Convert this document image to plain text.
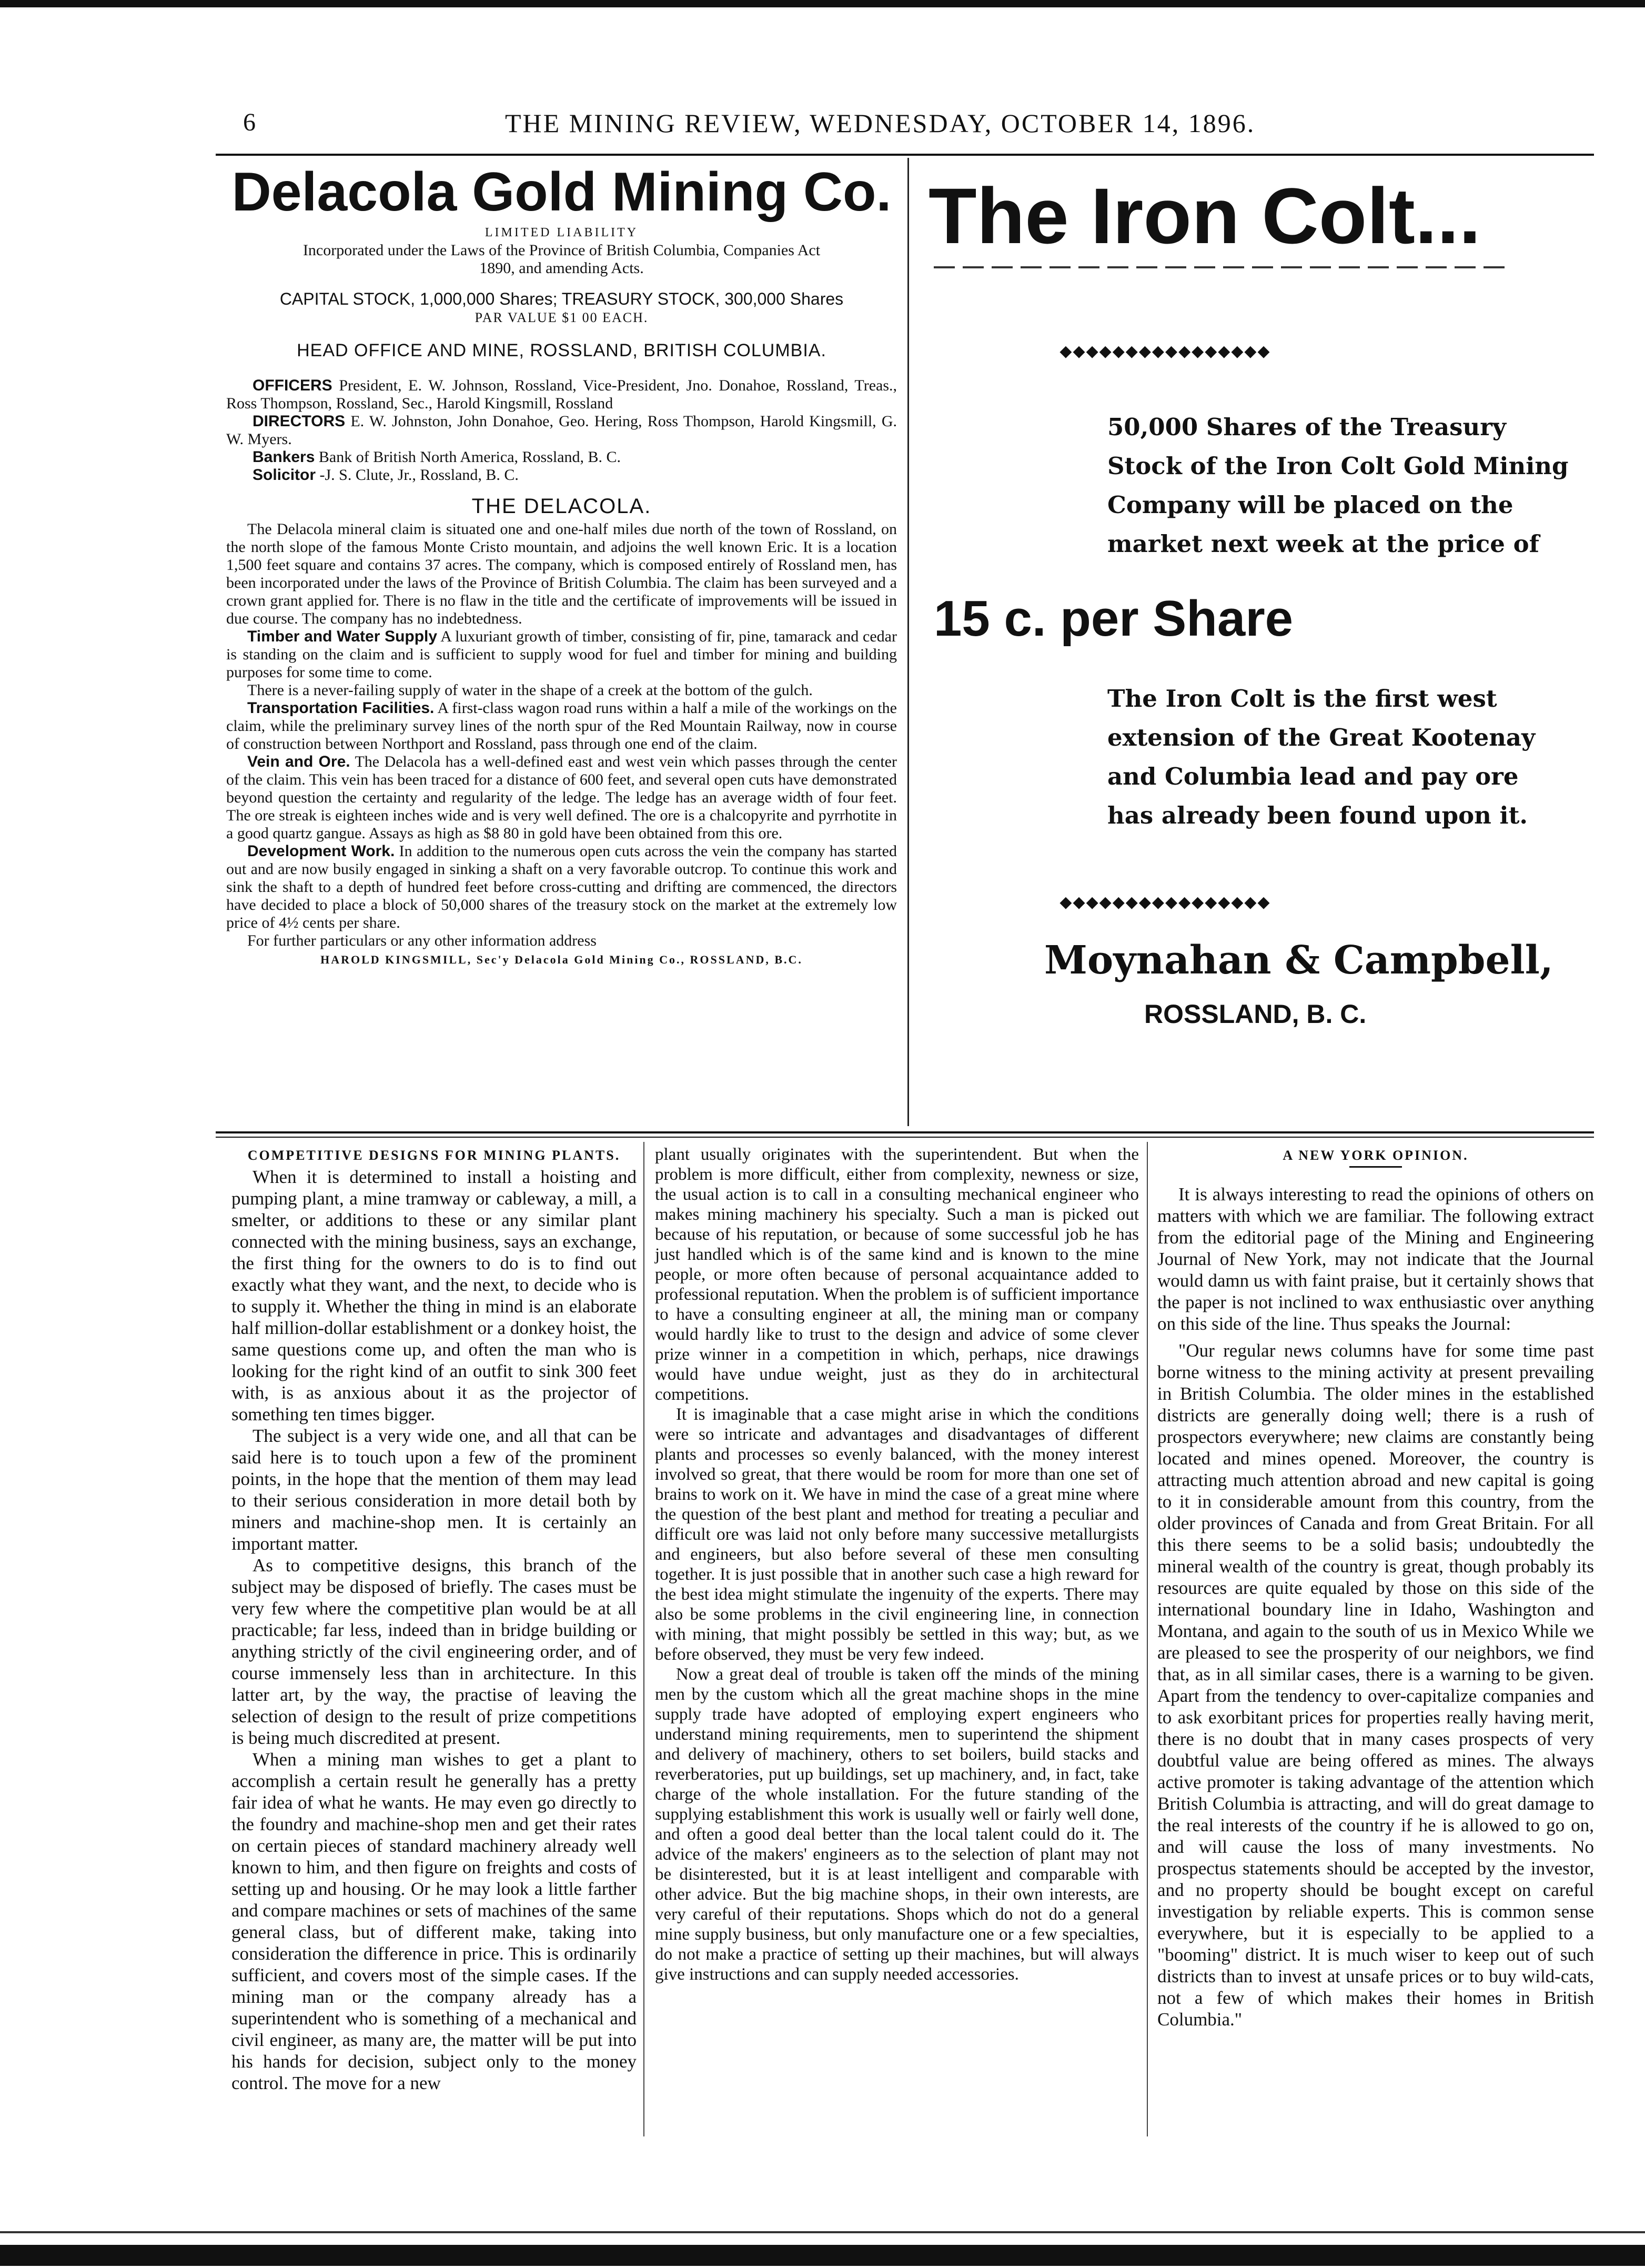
6	THE MINING REVIEW, WEDNESDAY, OCTOBER 14, 1896.
Delacola Gold Mining Co.
LIMITED LIABILITY
Incorporated under the Laws of the Province of British Columbia, Companies Act 1890, and amending Acts.
CAPITAL STOCK, 1,000,000 Shares; TREASURY STOCK, 300,000 Shares
PAR VALUE $1 00 EACH.
HEAD OFFICE AND MINE, ROSSLAND, BRITISH COLUMBIA.

OFFICERS President, E. W. Johnson, Rossland, Vice-President, Jno. Donahoe, Rossland, Treas., Ross Thompson, Rossland, Sec., Harold Kingsmill, Rossland

DIRECTORS E. W. Johnston, John Donahoe, Geo. Hering, Ross Thompson, Harold Kingsmill, G. W. Myers.

Bankers Bank of British North America, Rossland, B. C.

Solicitor -J. S. Clute, Jr., Rossland, B. C.

THE DELACOLA.

The Delacola mineral claim is situated one and one-half miles due north of the town of Rossland, on the north slope of the famous Monte Cristo mountain, and adjoins the well known Eric. It is a location 1,500 feet square and contains 37 acres. The company, which is composed entirely of Rossland men, has been incorporated under the laws of the Province of British Columbia. The claim has been surveyed and a crown grant applied for. There is no flaw in the title and the certificate of improvements will be issued in due course. The company has no indebtedness.

Timber and Water Supply A luxuriant growth of timber, consisting of fir, pine, tamarack and cedar is standing on the claim and is sufficient to supply wood for fuel and timber for mining and building purposes for some time to come.

There is a never-failing supply of water in the shape of a creek at the bottom of the gulch.

Transportation Facilities. A first-class wagon road runs within a half a mile of the workings on the claim, while the preliminary survey lines of the north spur of the Red Mountain Railway, now in course of construction between Northport and Rossland, pass through one end of the claim.

Vein and Ore. The Delacola has a well-defined east and west vein which passes through the center of the claim. This vein has been traced for a distance of 600 feet, and several open cuts have demonstrated beyond question the certainty and regularity of the ledge. The ledge has an average width of four feet. The ore streak is eighteen inches wide and is very well defined. The ore is a chalcopyrite and pyrrhotite in a good quartz gangue. Assays as high as $8 80 in gold have been obtained from this ore.

Development Work. In addition to the numerous open cuts across the vein the company has started out and are now busily engaged in sinking a shaft on a very favorable outcrop. To continue this work and sink the shaft to a depth of hundred feet before cross-cutting and drifting are commenced, the directors have decided to place a block of 50,000 shares of the treasury stock on the market at the extremely low price of 4½ cents per share.

For further particulars or any other information address

HAROLD KINGSMILL, Sec'y Delacola Gold Mining Co., ROSSLAND, B.C.
The Iron Colt...
◆◆◆◆◆◆◆◆◆◆◆◆◆◆◆◆
50,000 Shares of the Treasury Stock of the Iron Colt Gold Mining Company will be placed on the market next week at the price of
15 c. per Share
The Iron Colt is the first west extension of the Great Kootenay and Columbia lead and pay ore has already been found upon it.
◆◆◆◆◆◆◆◆◆◆◆◆◆◆◆◆
Moynahan & Campbell,
ROSSLAND, B. C.

COMPETITIVE DESIGNS FOR MINING PLANTS.

When it is determined to install a hoisting and pumping plant, a mine tramway or cableway, a mill, a smelter, or additions to these or any similar plant connected with the mining business, says an exchange, the first thing for the owners to do is to find out exactly what they want, and the next, to decide who is to supply it. Whether the thing in mind is an elaborate half million-dollar establishment or a donkey hoist, the same questions come up, and often the man who is looking for the right kind of an outfit to sink 300 feet with, is as anxious about it as the projector of something ten times bigger.

The subject is a very wide one, and all that can be said here is to touch upon a few of the prominent points, in the hope that the mention of them may lead to their serious consideration in more detail both by miners and machine-shop men. It is certainly an important matter.

As to competitive designs, this branch of the subject may be disposed of briefly. The cases must be very few where the competitive plan would be at all practicable; far less, indeed than in bridge building or anything strictly of the civil engineering order, and of course immensely less than in architecture. In this latter art, by the way, the practise of leaving the selection of design to the result of prize competitions is being much discredited at present.

When a mining man wishes to get a plant to accomplish a certain result he generally has a pretty fair idea of what he wants. He may even go directly to the foundry and machine-shop men and get their rates on certain pieces of standard machinery already well known to him, and then figure on freights and costs of setting up and housing. Or he may look a little farther and compare machines or sets of machines of the same general class, but of different make, taking into consideration the difference in price. This is ordinarily sufficient, and covers most of the simple cases. If the mining man or the company already has a superintendent who is something of a mechanical and civil engineer, as many are, the matter will be put into his hands for decision, subject only to the money control. The move for a new

plant usually originates with the superintendent. But when the problem is more difficult, either from complexity, newness or size, the usual action is to call in a consulting mechanical engineer who makes mining machinery his specialty. Such a man is picked out because of his reputation, or because of some successful job he has just handled which is of the same kind and is known to the mine people, or more often because of personal acquaintance added to professional reputation. When the problem is of sufficient importance to have a consulting engineer at all, the mining man or company would hardly like to trust to the design and advice of some clever prize winner in a competition in which, perhaps, nice drawings would have undue weight, just as they do in architectural competitions.

It is imaginable that a case might arise in which the conditions were so intricate and advantages and disadvantages of different plants and processes so evenly balanced, with the money interest involved so great, that there would be room for more than one set of brains to work on it. We have in mind the case of a great mine where the question of the best plant and method for treating a peculiar and difficult ore was laid not only before many successive metallurgists and engineers, but also before several of these men consulting together. It is just possible that in another such case a high reward for the best idea might stimulate the ingenuity of the experts. There may also be some problems in the civil engineering line, in connection with mining, that might possibly be settled in this way; but, as we before observed, they must be very few indeed.

Now a great deal of trouble is taken off the minds of the mining men by the custom which all the great machine shops in the mine supply trade have adopted of employing expert engineers who understand mining requirements, men to superintend the shipment and delivery of machinery, others to set boilers, build stacks and reverberatories, put up buildings, set up machinery, and, in fact, take charge of the whole installation. For the future standing of the supplying establishment this work is usually well or fairly well done, and often a good deal better than the local talent could do it. The advice of the makers' engineers as to the selection of plant may not be disinterested, but it is at least intelligent and comparable with other advice. But the big machine shops, in their own interests, are very careful of their reputations. Shops which do not do a general mine supply business, but only manufacture one or a few specialties, do not make a practice of setting up their machines, but will always give instructions and can supply needed accessories.

A NEW YORK OPINION.

It is always interesting to read the opinions of others on matters with which we are familiar. The following extract from the editorial page of the Mining and Engineering Journal of New York, may not indicate that the Journal would damn us with faint praise, but it certainly shows that the paper is not inclined to wax enthusiastic over anything on this side of the line. Thus speaks the Journal:

"Our regular news columns have for some time past borne witness to the mining activity at present prevailing in British Columbia. The older mines in the established districts are generally doing well; there is a rush of prospectors everywhere; new claims are constantly being located and mines opened. Moreover, the country is attracting much attention abroad and new capital is going to it in considerable amount from this country, from the older provinces of Canada and from Great Britain. For all this there seems to be a solid basis; undoubtedly the mineral wealth of the country is great, though probably its resources are quite equaled by those on this side of the international boundary line in Idaho, Washington and Montana, and again to the south of us in Mexico While we are pleased to see the prosperity of our neighbors, we find that, as in all similar cases, there is a warning to be given. Apart from the tendency to over-capitalize companies and to ask exorbitant prices for properties really having merit, there is no doubt that in many cases prospects of very doubtful value are being offered as mines. The always active promoter is taking advantage of the attention which British Columbia is attracting, and will do great damage to the real interests of the country if he is allowed to go on, and will cause the loss of many investments. No prospectus statements should be accepted by the investor, and no property should be bought except on careful investigation by reliable experts. This is common sense everywhere, but it is especially to be applied to a "booming" district. It is much wiser to keep out of such districts than to invest at unsafe prices or to buy wild-cats, not a few of which makes their homes in British Columbia."
